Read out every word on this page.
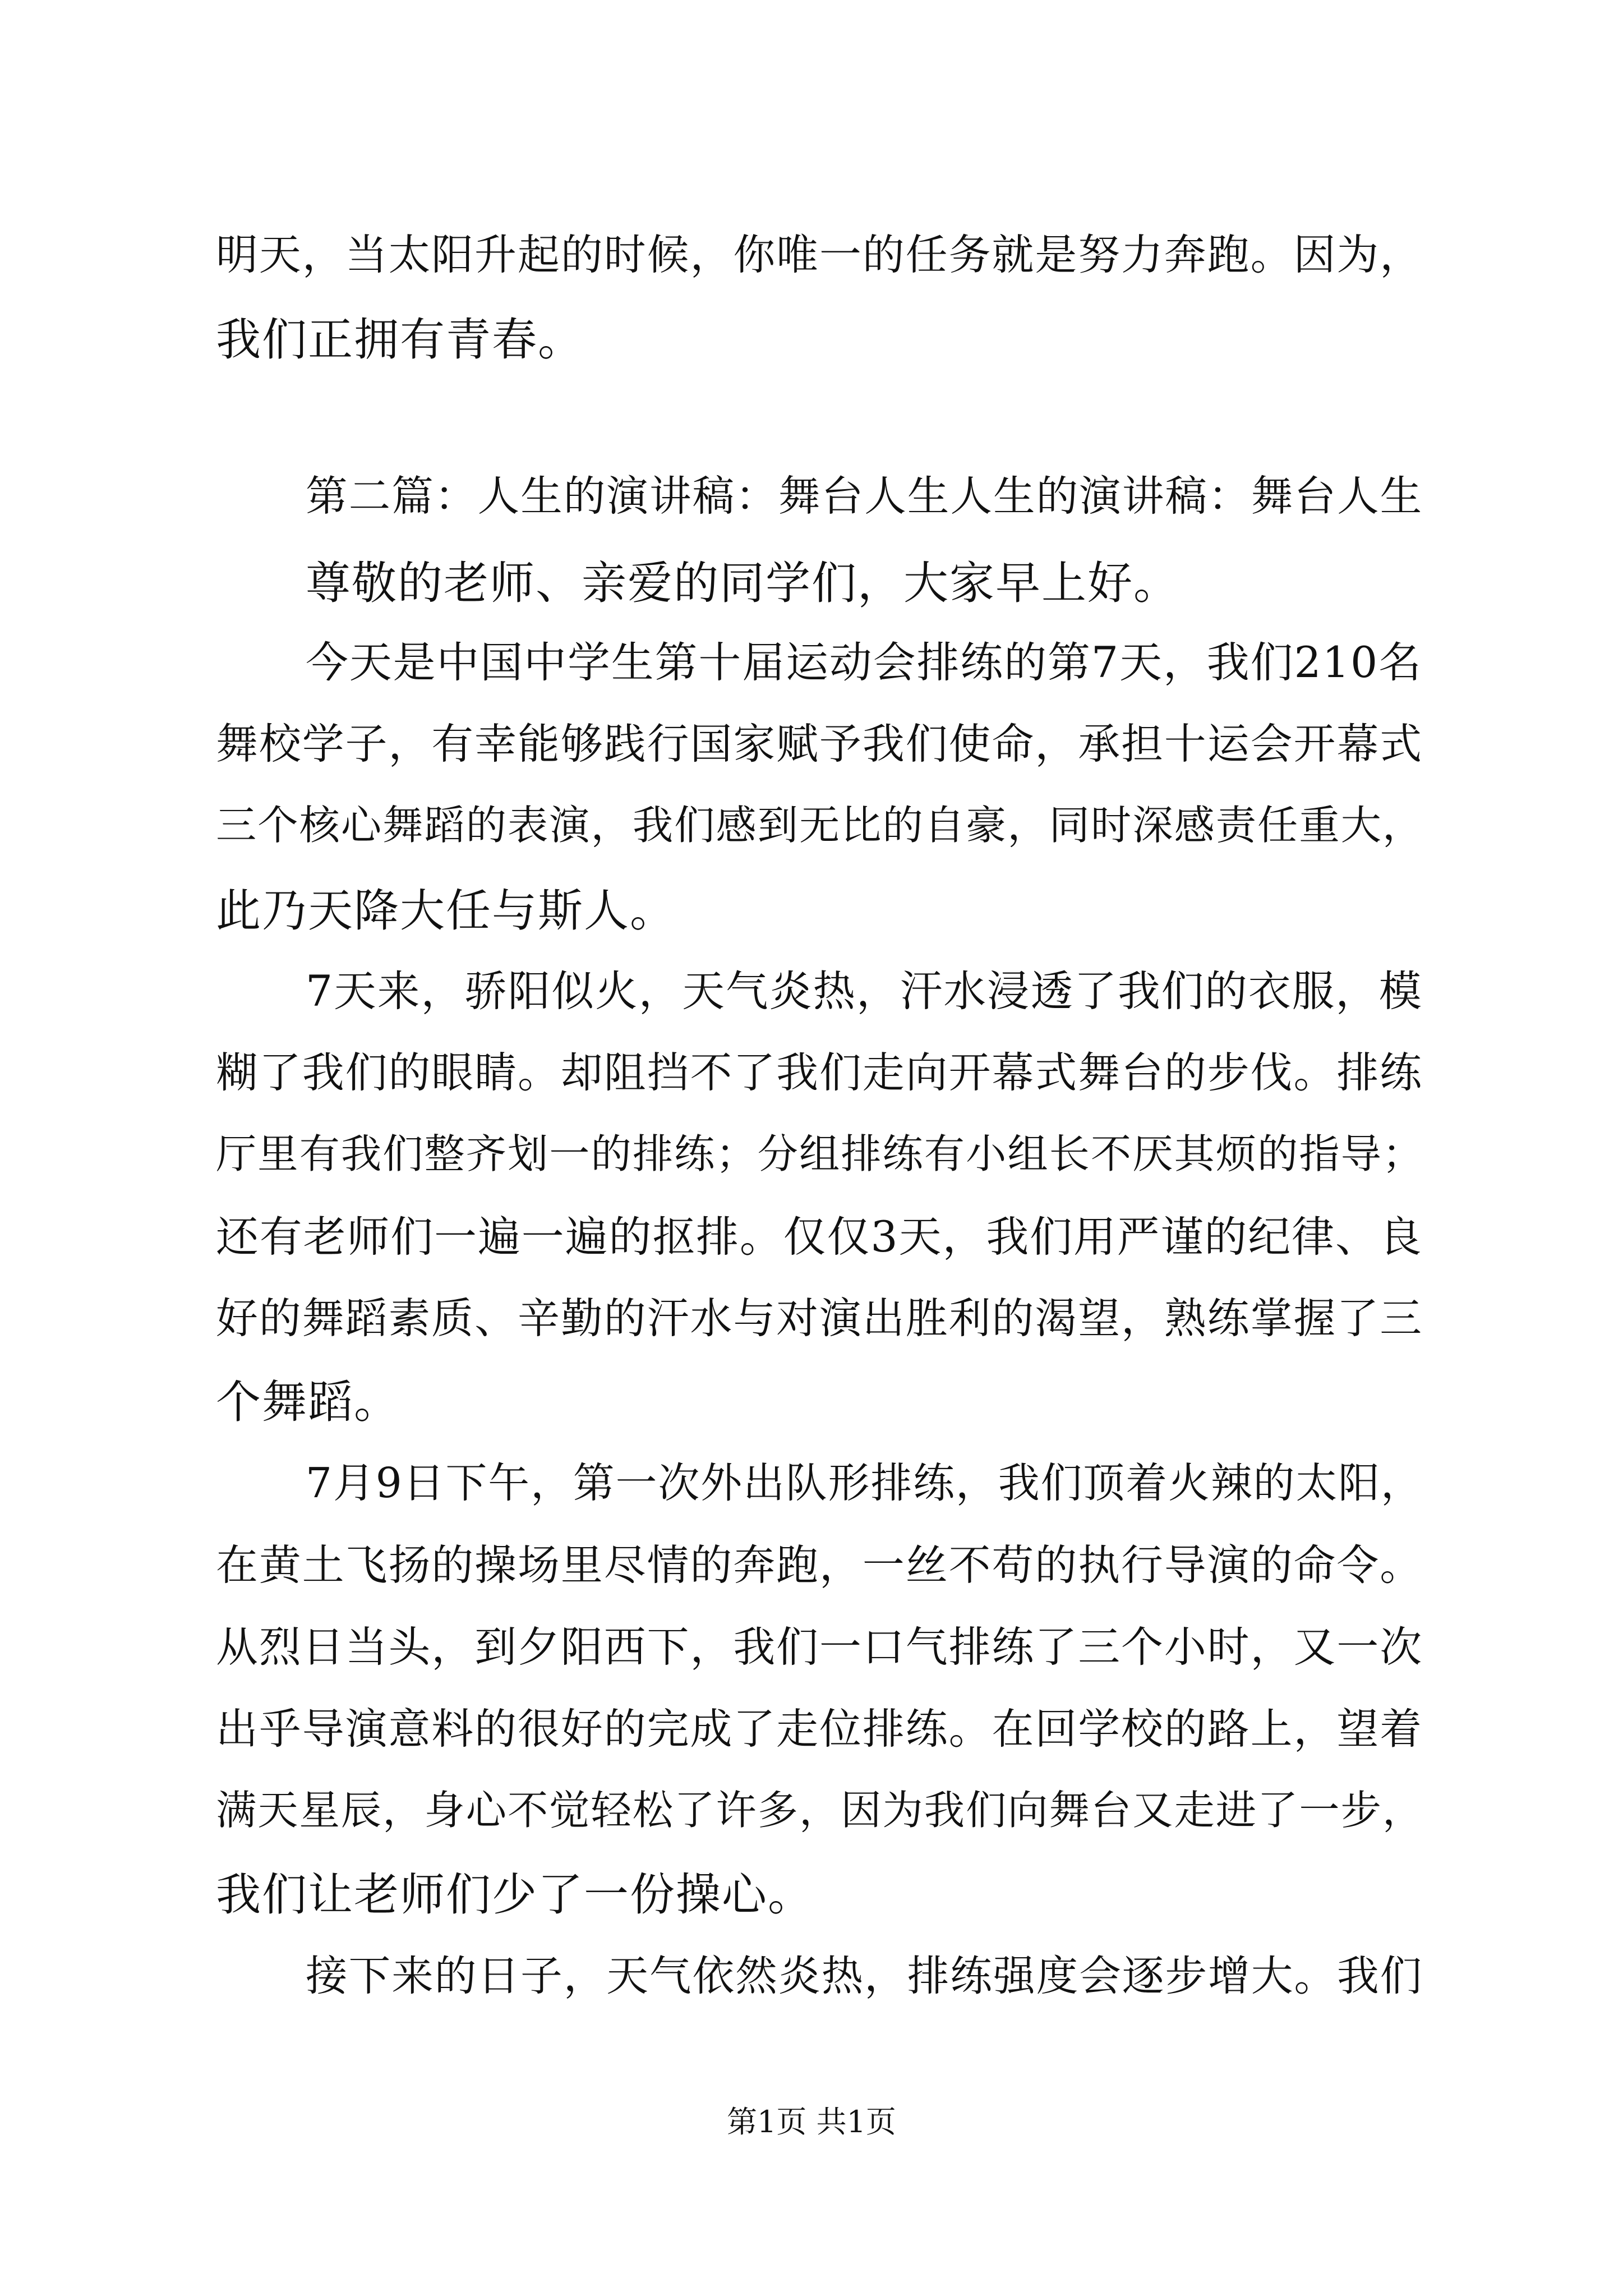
明天，当太阳升起的时候，你唯一的任务就是努力奔跑。因为，

我们正拥有青春。

第二篇：人生的演讲稿：舞台人生人生的演讲稿：舞台人生

尊敬的老师、亲爱的同学们，大家早上好。

今天是中国中学生第十届运动会排练的第7天，我们210名

舞校学子，有幸能够践行国家赋予我们使命，承担十运会开幕式

三个核心舞蹈的表演，我们感到无比的自豪，同时深感责任重大，

此乃天降大任与斯人。

7天来，骄阳似火，天气炎热，汗水浸透了我们的衣服，模

糊了我们的眼睛。却阻挡不了我们走向开幕式舞台的步伐。排练

厅里有我们整齐划一的排练；分组排练有小组长不厌其烦的指导；

还有老师们一遍一遍的抠排。仅仅3天，我们用严谨的纪律、良

好的舞蹈素质、辛勤的汗水与对演出胜利的渴望，熟练掌握了三

个舞蹈。

7月9日下午，第一次外出队形排练，我们顶着火辣的太阳，

在黄土飞扬的操场里尽情的奔跑，一丝不苟的执行导演的命令。

从烈日当头，到夕阳西下，我们一口气排练了三个小时，又一次

出乎导演意料的很好的完成了走位排练。在回学校的路上，望着

满天星辰，身心不觉轻松了许多，因为我们向舞台又走进了一步，

我们让老师们少了一份操心。

接下来的日子，天气依然炎热，排练强度会逐步增大。我们

第1页 共1页
